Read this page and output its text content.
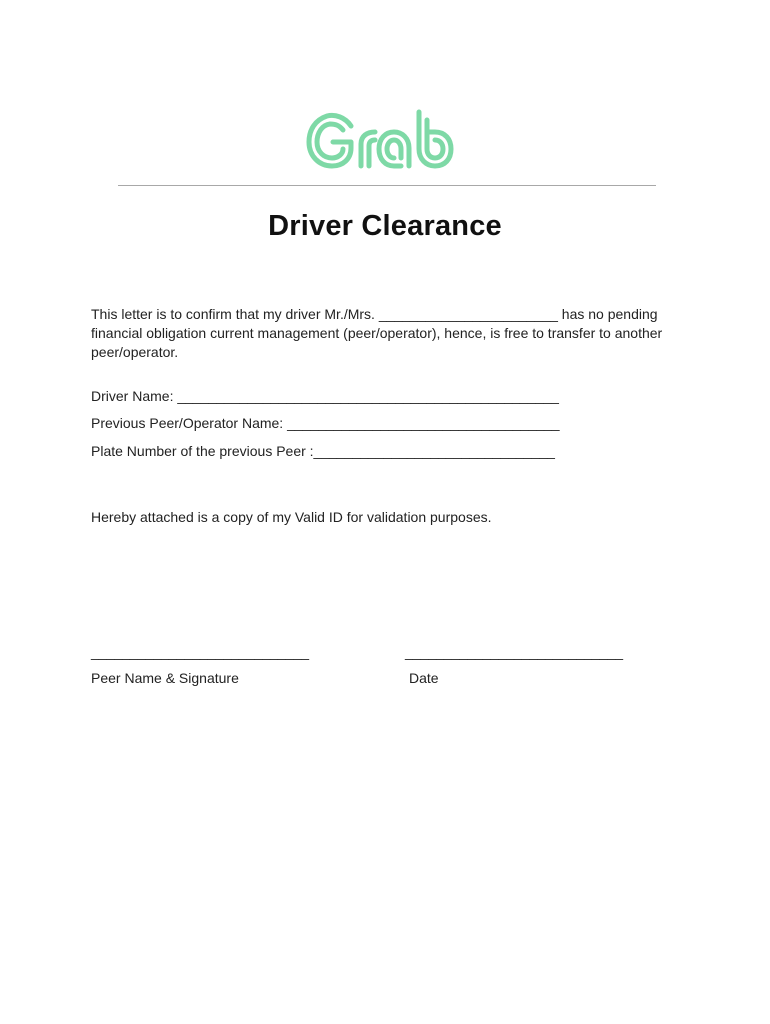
Driver Clearance
This letter is to confirm that my driver Mr./Mrs. _______________________ has no pending
financial obligation current management (peer/operator), hence, is free to transfer to another
peer/operator.
Driver Name: _________________________________________________
Previous Peer/Operator Name: ___________________________________
Plate Number of the previous Peer :_______________________________
Hereby attached is a copy of my Valid ID for validation purposes.
____________________________	____________________________
Peer Name & Signature	Date
